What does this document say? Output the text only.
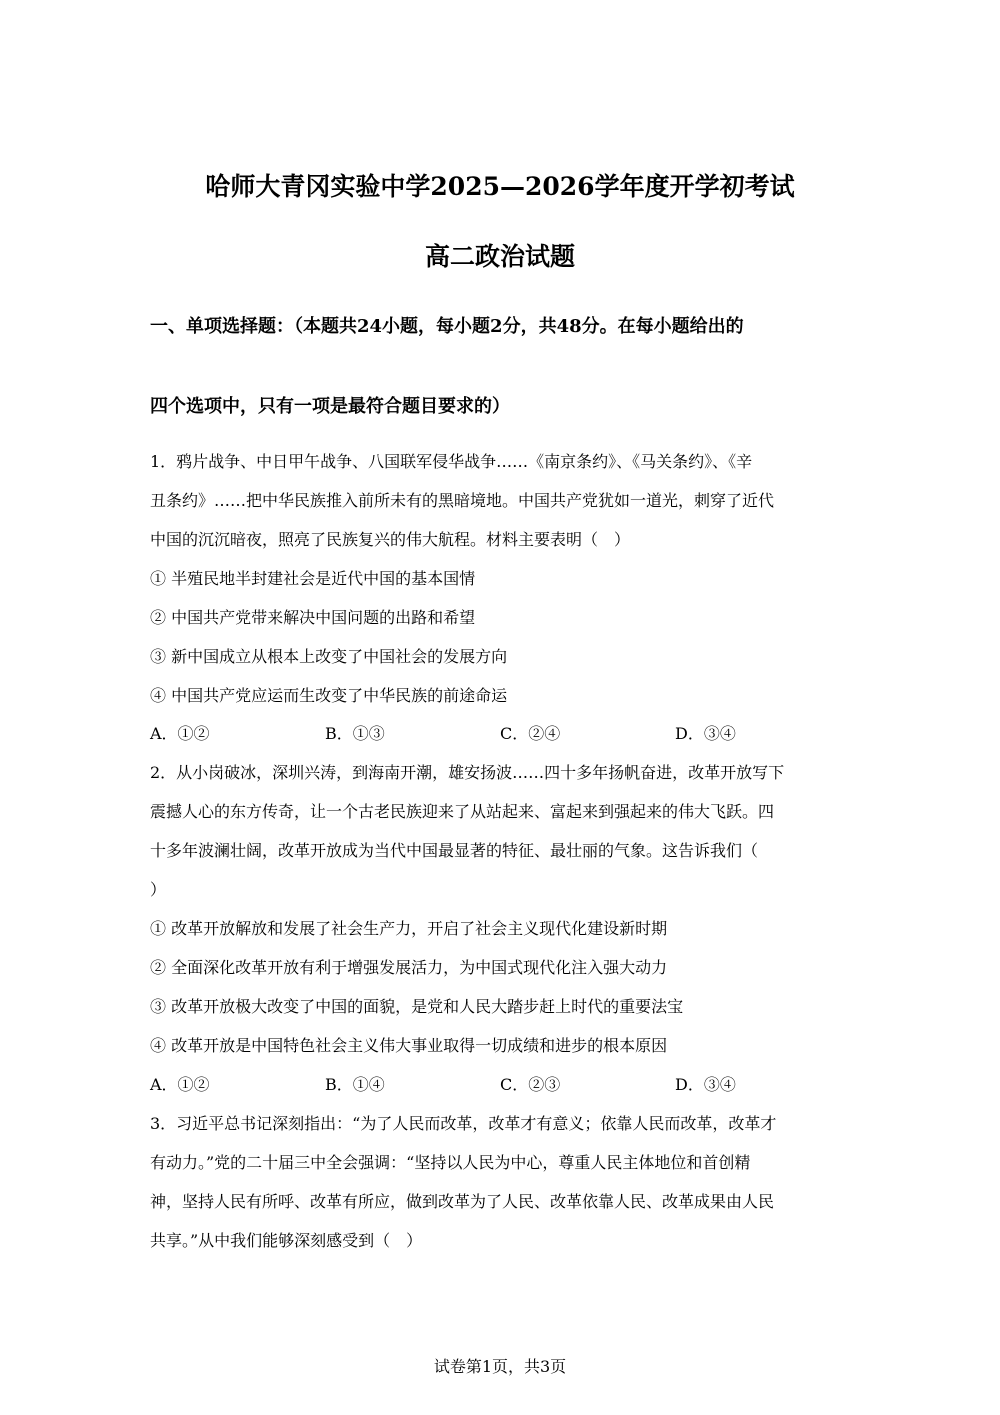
哈师大青冈实验中学2025—2026学年度开学初考试
高二政治试题
一、单项选择题：（本题共24小题，每小题2分，共48分。在每小题给出的
四个选项中，只有一项是最符合题目要求的）
1．鸦片战争、中日甲午战争、八国联军侵华战争……《南京条约》、《马关条约》、《辛
丑条约》……把中华民族推入前所未有的黑暗境地。中国共产党犹如一道光，刺穿了近代
中国的沉沉暗夜，照亮了民族复兴的伟大航程。材料主要表明（　）
① 半殖民地半封建社会是近代中国的基本国情
② 中国共产党带来解决中国问题的出路和希望
③ 新中国成立从根本上改变了中国社会的发展方向
④ 中国共产党应运而生改变了中华民族的前途命运
A．①②	B．①③	C．②④	D．③④
2．从小岗破冰，深圳兴涛，到海南开潮，雄安扬波……四十多年扬帆奋进，改革开放写下
震撼人心的东方传奇，让一个古老民族迎来了从站起来、富起来到强起来的伟大飞跃。四
十多年波澜壮阔，改革开放成为当代中国最显著的特征、最壮丽的气象。这告诉我们（
）
① 改革开放解放和发展了社会生产力，开启了社会主义现代化建设新时期
② 全面深化改革开放有利于增强发展活力，为中国式现代化注入强大动力
③ 改革开放极大改变了中国的面貌，是党和人民大踏步赶上时代的重要法宝
④ 改革开放是中国特色社会主义伟大事业取得一切成绩和进步的根本原因
A．①②	B．①④	C．②③	D．③④
3．习近平总书记深刻指出：“为了人民而改革，改革才有意义；依靠人民而改革，改革才
有动力。”党的二十届三中全会强调：“坚持以人民为中心，尊重人民主体地位和首创精
神，坚持人民有所呼、改革有所应，做到改革为了人民、改革依靠人民、改革成果由人民
共享。”从中我们能够深刻感受到（　）
试卷第1页，共3页
